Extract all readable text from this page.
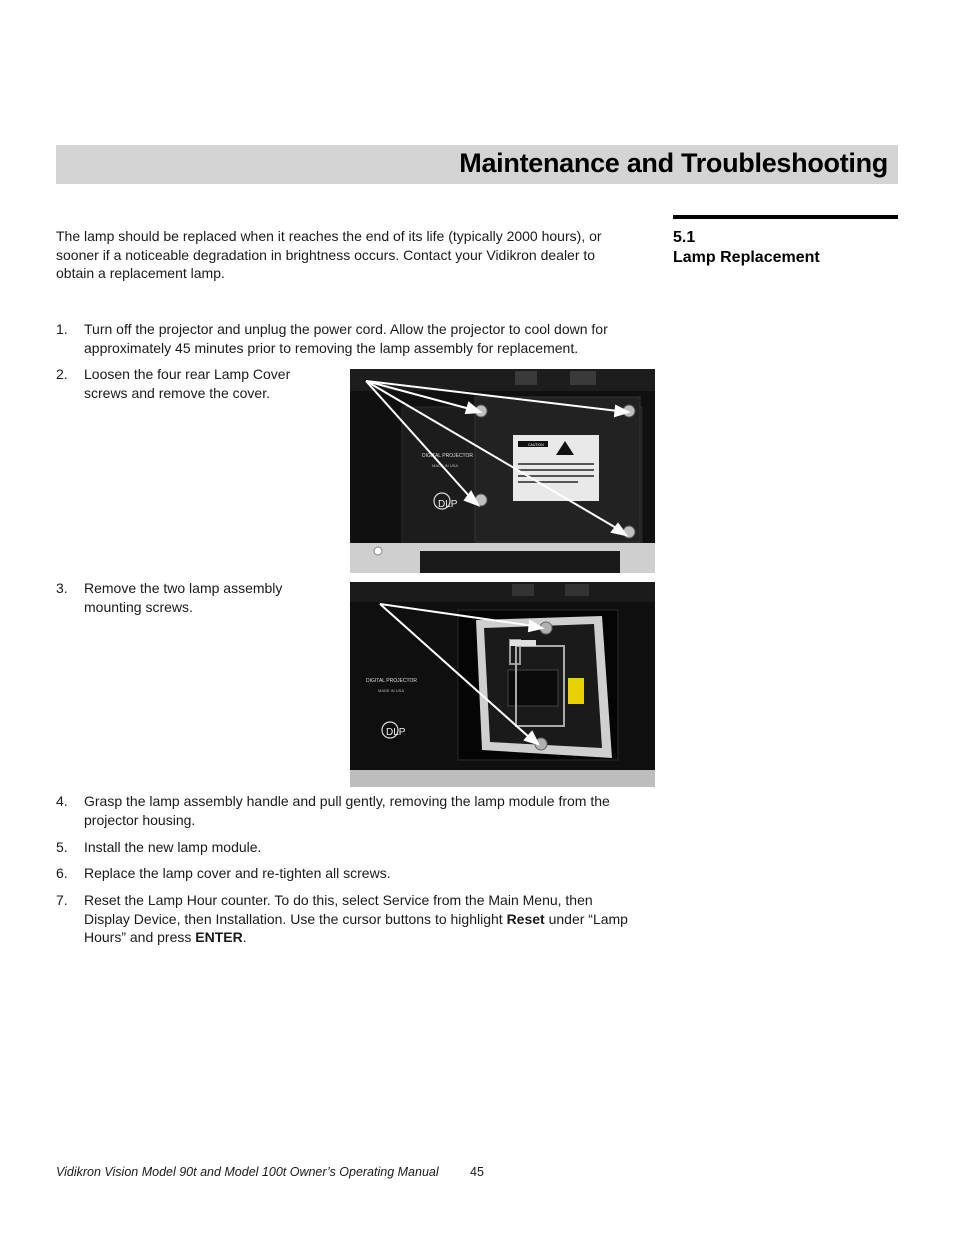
Maintenance and Troubleshooting
5.1
Lamp Replacement
The lamp should be replaced when it reaches the end of its life (typically 2000 hours), or sooner if a noticeable degradation in brightness occurs. Contact your Vidikron dealer to obtain a replacement lamp.
1. Turn off the projector and unplug the power cord. Allow the projector to cool down for approximately 45 minutes prior to removing the lamp assembly for replacement.
2. Loosen the four rear Lamp Cover screws and remove the cover.
DIGITAL PROJECTOR
MADE IN USA
CAUTION
DLP
3. Remove the two lamp assembly mounting screws.
DIGITAL PROJECTOR
MADE IN USA
DLP
4. Grasp the lamp assembly handle and pull gently, removing the lamp module from the projector housing.
5. Install the new lamp module.
6. Replace the lamp cover and re-tighten all screws.
7. Reset the Lamp Hour counter. To do this, select Service from the Main Menu, then Display Device, then Installation. Use the cursor buttons to highlight Reset under “Lamp Hours” and press ENTER.
Vidikron Vision Model 90t and Model 100t Owner’s Operating Manual	45
